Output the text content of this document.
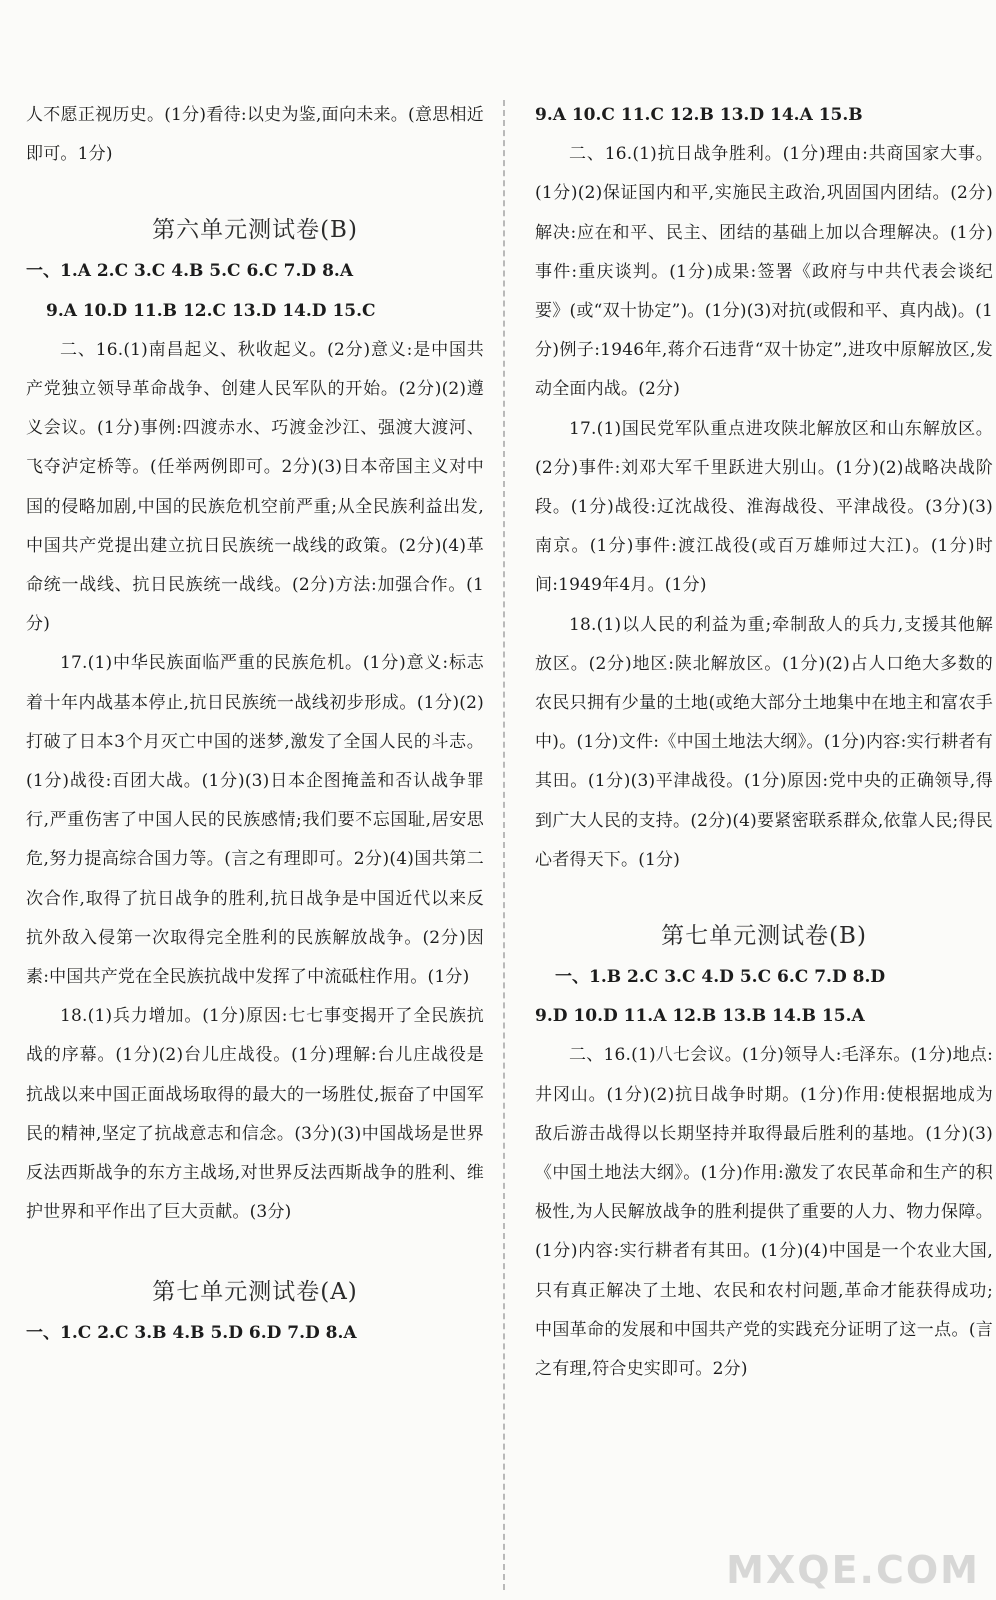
人不愿正视历史。(1分)看待:以史为鉴,面向未来。(意思相近即可。1分)

第六单元测试卷(B)

一、1.A 2.C 3.C 4.B 5.C 6.C 7.D 8.A

9.A 10.D 11.B 12.C 13.D 14.D 15.C

二、16.(1)南昌起义、秋收起义。(2分)意义:是中国共产党独立领导革命战争、创建人民军队的开始。(2分)(2)遵义会议。(1分)事例:四渡赤水、巧渡金沙江、强渡大渡河、飞夺泸定桥等。(任举两例即可。2分)(3)日本帝国主义对中国的侵略加剧,中国的民族危机空前严重;从全民族利益出发,中国共产党提出建立抗日民族统一战线的政策。(2分)(4)革命统一战线、抗日民族统一战线。(2分)方法:加强合作。(1分)

17.(1)中华民族面临严重的民族危机。(1分)意义:标志着十年内战基本停止,抗日民族统一战线初步形成。(1分)(2)打破了日本3个月灭亡中国的迷梦,激发了全国人民的斗志。(1分)战役:百团大战。(1分)(3)日本企图掩盖和否认战争罪行,严重伤害了中国人民的民族感情;我们要不忘国耻,居安思危,努力提高综合国力等。(言之有理即可。2分)(4)国共第二次合作,取得了抗日战争的胜利,抗日战争是中国近代以来反抗外敌入侵第一次取得完全胜利的民族解放战争。(2分)因素:中国共产党在全民族抗战中发挥了中流砥柱作用。(1分)

18.(1)兵力增加。(1分)原因:七七事变揭开了全民族抗战的序幕。(1分)(2)台儿庄战役。(1分)理解:台儿庄战役是抗战以来中国正面战场取得的最大的一场胜仗,振奋了中国军民的精神,坚定了抗战意志和信念。(3分)(3)中国战场是世界反法西斯战争的东方主战场,对世界反法西斯战争的胜利、维护世界和平作出了巨大贡献。(3分)

第七单元测试卷(A)

一、1.C 2.C 3.B 4.B 5.D 6.D 7.D 8.A

9.A 10.C 11.C 12.B 13.D 14.A 15.B

二、16.(1)抗日战争胜利。(1分)理由:共商国家大事。(1分)(2)保证国内和平,实施民主政治,巩固国内团结。(2分)解决:应在和平、民主、团结的基础上加以合理解决。(1分)事件:重庆谈判。(1分)成果:签署《政府与中共代表会谈纪要》(或“双十协定”)。(1分)(3)对抗(或假和平、真内战)。(1分)例子:1946年,蒋介石违背“双十协定”,进攻中原解放区,发动全面内战。(2分)

17.(1)国民党军队重点进攻陕北解放区和山东解放区。(2分)事件:刘邓大军千里跃进大别山。(1分)(2)战略决战阶段。(1分)战役:辽沈战役、淮海战役、平津战役。(3分)(3)南京。(1分)事件:渡江战役(或百万雄师过大江)。(1分)时间:1949年4月。(1分)

18.(1)以人民的利益为重;牵制敌人的兵力,支援其他解放区。(2分)地区:陕北解放区。(1分)(2)占人口绝大多数的农民只拥有少量的土地(或绝大部分土地集中在地主和富农手中)。(1分)文件:《中国土地法大纲》。(1分)内容:实行耕者有其田。(1分)(3)平津战役。(1分)原因:党中央的正确领导,得到广大人民的支持。(2分)(4)要紧密联系群众,依靠人民;得民心者得天下。(1分)

第七单元测试卷(B)

一、1.B 2.C 3.C 4.D 5.C 6.C 7.D 8.D

9.D 10.D 11.A 12.B 13.B 14.B 15.A

二、16.(1)八七会议。(1分)领导人:毛泽东。(1分)地点:井冈山。(1分)(2)抗日战争时期。(1分)作用:使根据地成为敌后游击战得以长期坚持并取得最后胜利的基地。(1分)(3)《中国土地法大纲》。(1分)作用:激发了农民革命和生产的积极性,为人民解放战争的胜利提供了重要的人力、物力保障。(1分)内容:实行耕者有其田。(1分)(4)中国是一个农业大国,只有真正解决了土地、农民和农村问题,革命才能获得成功;中国革命的发展和中国共产党的实践充分证明了这一点。(言之有理,符合史实即可。2分)

MXQE.COM
